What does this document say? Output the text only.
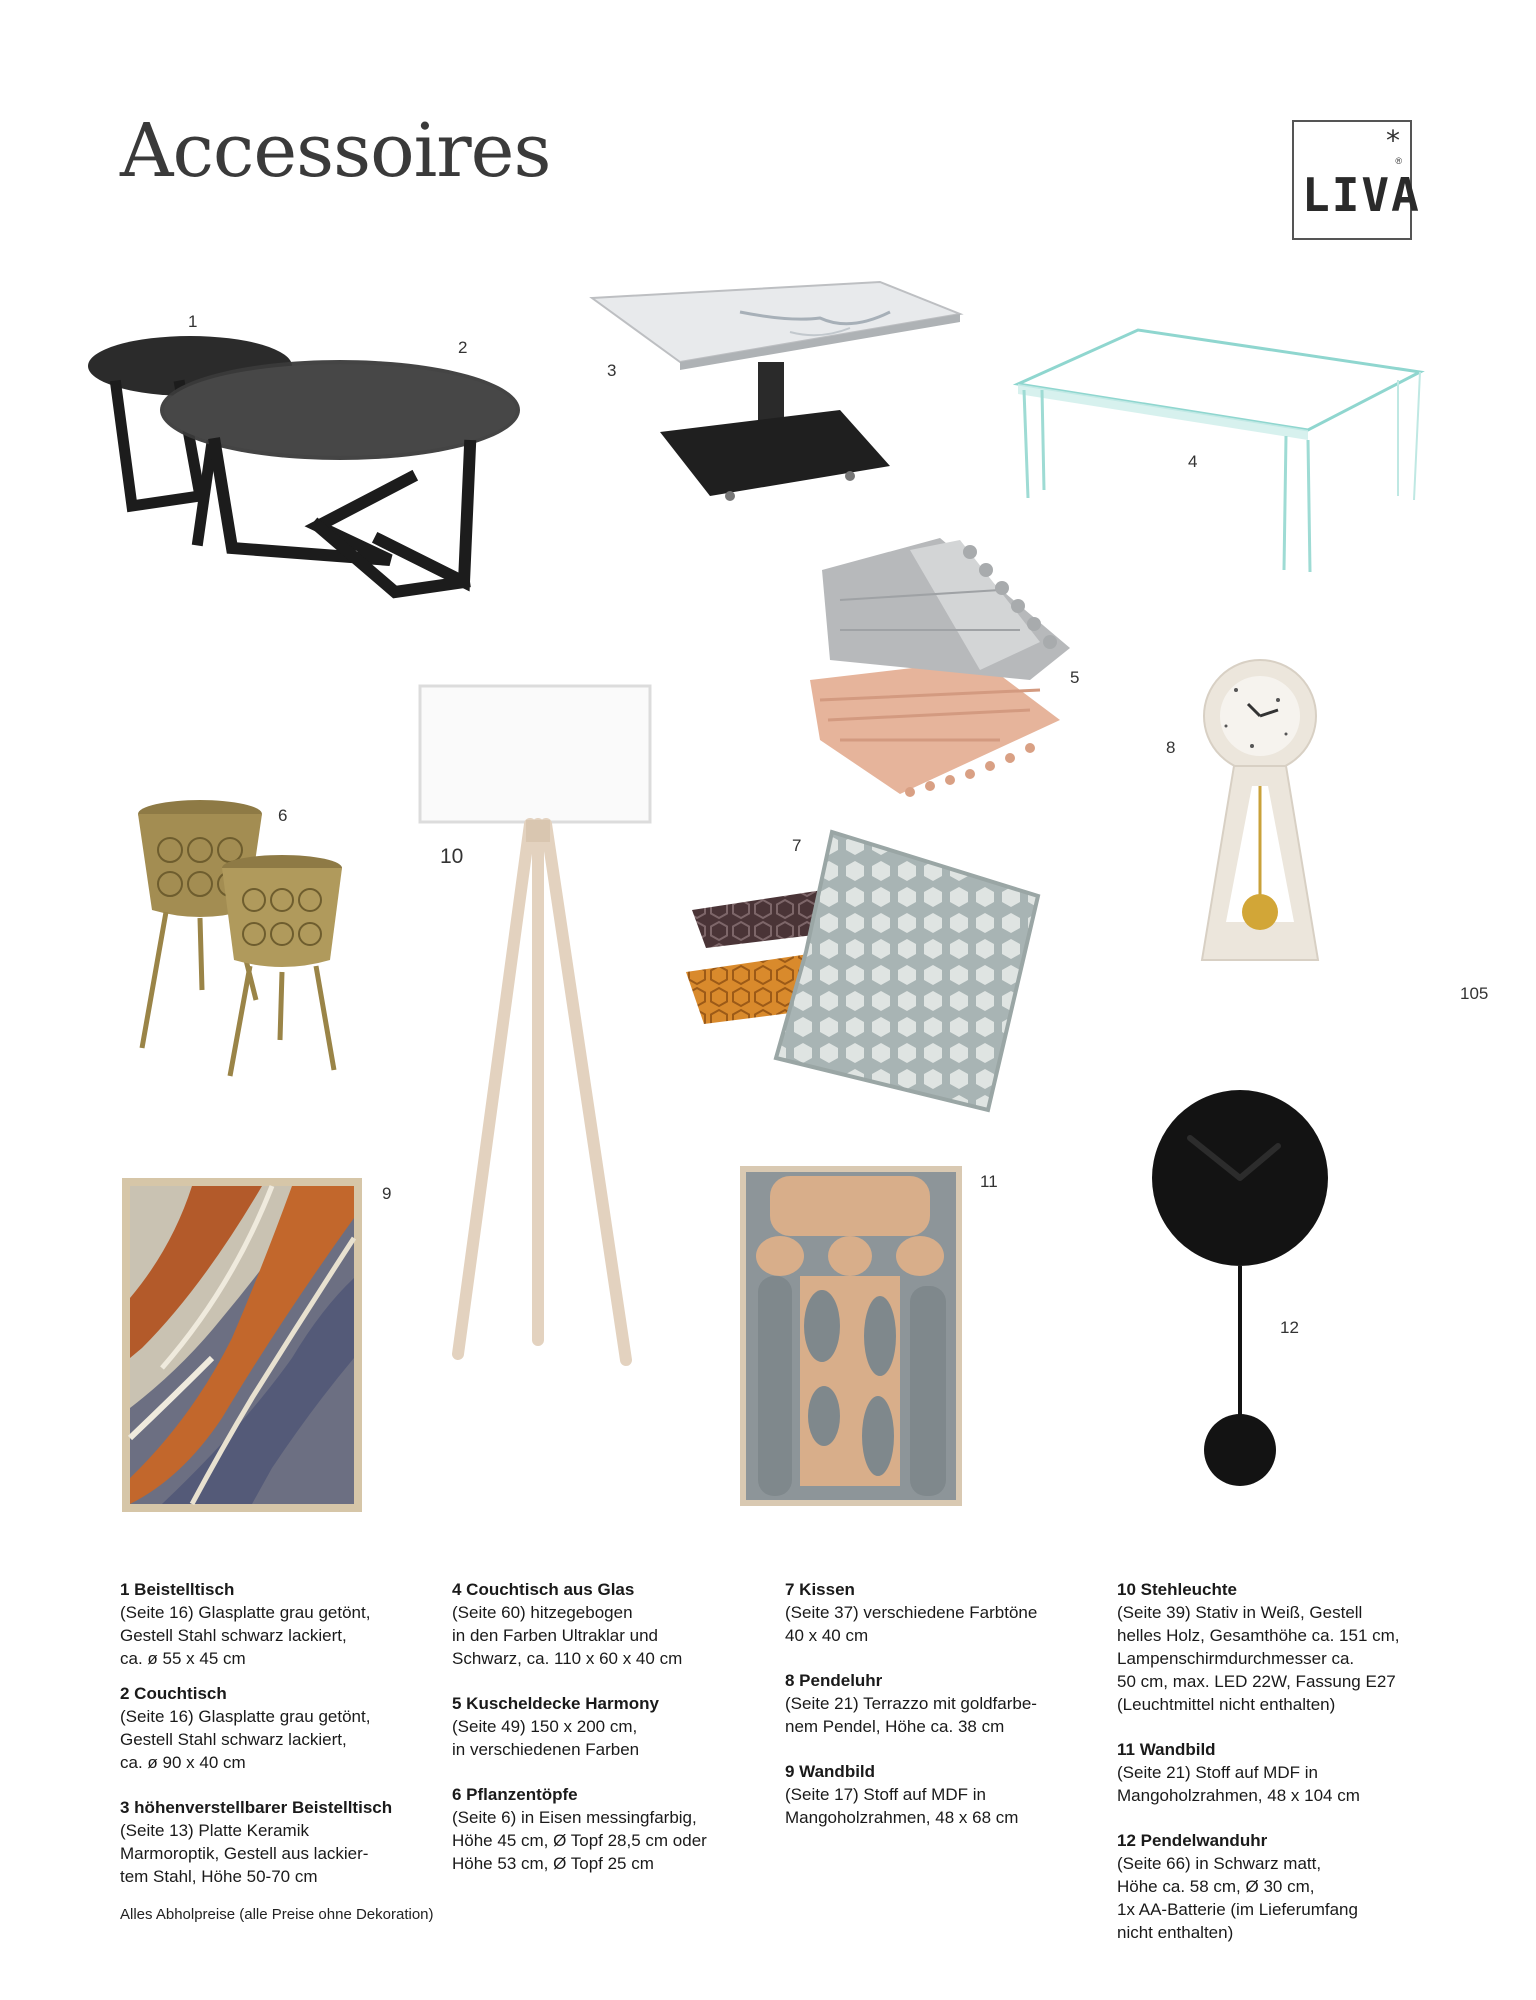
Accessoires	*
®
LIVA
1
2
3
4
5
8
6
10	7
105
12
9
11
1 Beistelltisch

(Seite 16) Glasplatte grau getönt,
Gestell Stahl schwarz lackiert,
ca. ø 55 x 45 cm

2 Couchtisch

(Seite 16) Glasplatte grau getönt,
Gestell Stahl schwarz lackiert,
ca. ø 90 x 40 cm

3 höhenverstellbarer Beistelltisch

(Seite 13) Platte Keramik
Marmoroptik, Gestell aus lackier-
tem Stahl, Höhe 50-70 cm

4 Couchtisch aus Glas

(Seite 60) hitzegebogen
in den Farben Ultraklar und
Schwarz, ca. 110 x 60 x 40 cm

5 Kuscheldecke Harmony

(Seite 49) 150 x 200 cm,
in verschiedenen Farben

6 Pflanzentöpfe

(Seite 6) in Eisen messingfarbig,
Höhe 45 cm, Ø Topf 28,5 cm oder
Höhe 53 cm, Ø Topf 25 cm

7 Kissen

(Seite 37) verschiedene Farbtöne
40 x 40 cm

8 Pendeluhr

(Seite 21) Terrazzo mit goldfarbe-
nem Pendel, Höhe ca. 38 cm

9 Wandbild

(Seite 17) Stoff auf MDF in
Mangoholzrahmen, 48 x 68 cm

10 Stehleuchte

(Seite 39) Stativ in Weiß, Gestell
helles Holz, Gesamthöhe ca. 151 cm,
Lampenschirmdurchmesser ca.
50 cm, max. LED 22W, Fassung E27
(Leuchtmittel nicht enthalten)

11 Wandbild

(Seite 21) Stoff auf MDF in
Mangoholzrahmen, 48 x 104 cm

12 Pendelwanduhr

(Seite 66) in Schwarz matt,
Höhe ca. 58 cm, Ø 30 cm,
1x AA-Batterie (im Lieferumfang
nicht enthalten)

Alles Abholpreise (alle Preise ohne Dekoration)
